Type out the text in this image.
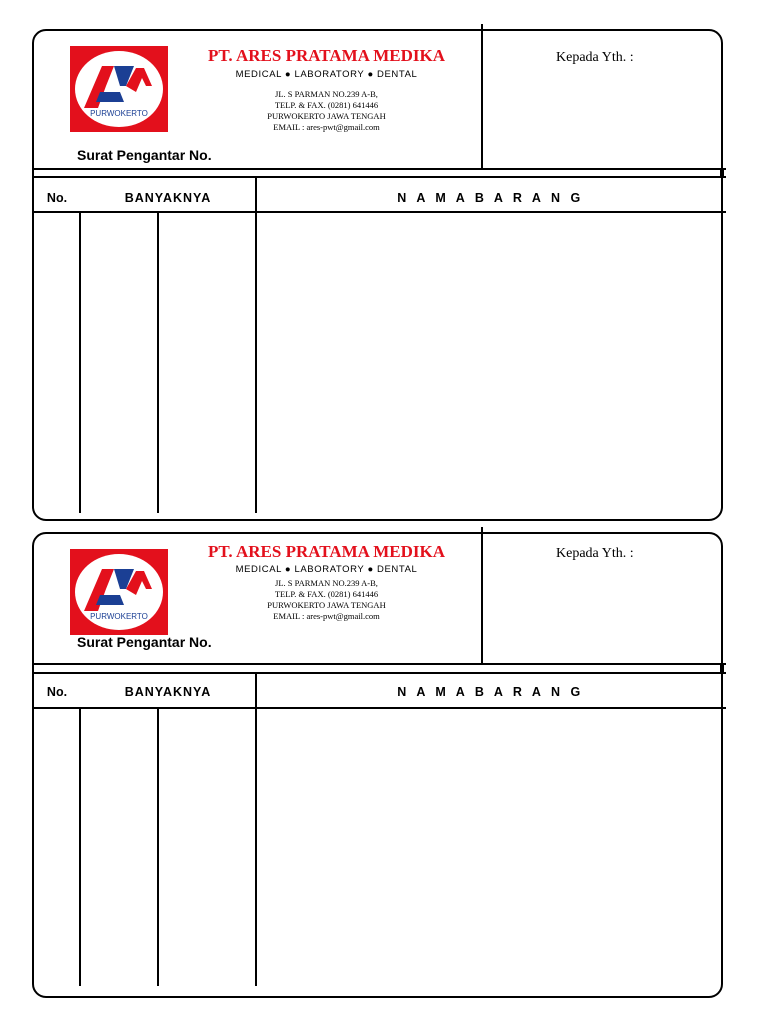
PURWOKERTO
PT. ARES PRATAMA MEDIKA
MEDICAL ● LABORATORY ● DENTAL
JL. S PARMAN NO.239 A-B,
TELP. & FAX. (0281) 641446
PURWOKERTO JAWA TENGAH
EMAIL : ares-pwt@gmail.com
Surat Pengantar No.
Kepada Yth. :
No.	BANYAKNYA	N A M A B A R A N G
PURWOKERTO
PT. ARES PRATAMA MEDIKA
MEDICAL ● LABORATORY ● DENTAL
JL. S PARMAN NO.239 A-B,
TELP. & FAX. (0281) 641446
PURWOKERTO JAWA TENGAH
EMAIL : ares-pwt@gmail.com
Surat Pengantar No.
Kepada Yth. :
No.	BANYAKNYA	N A M A B A R A N G
